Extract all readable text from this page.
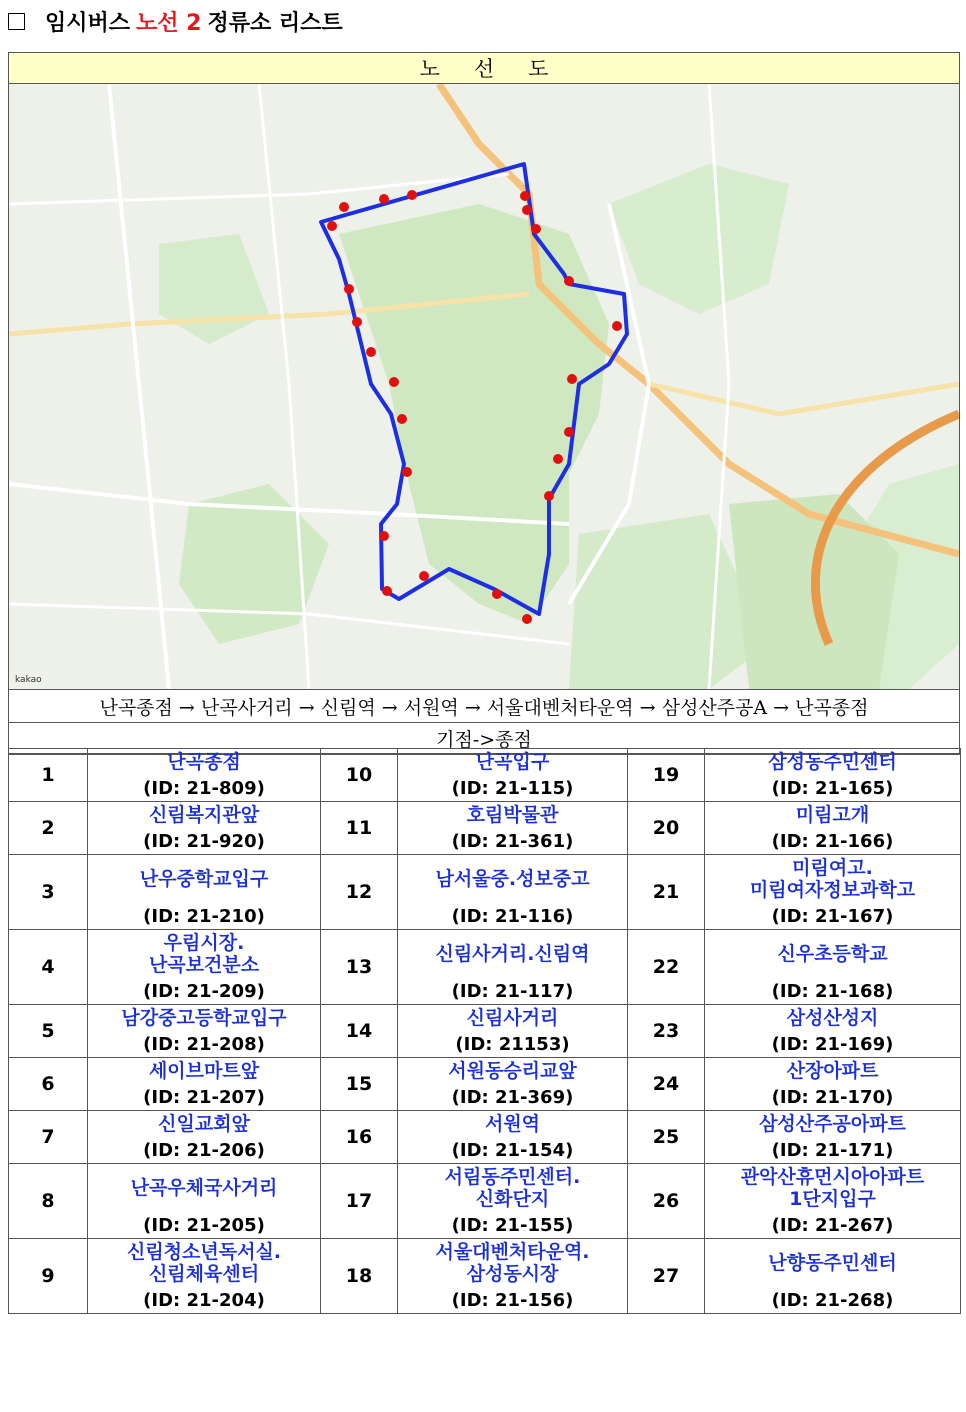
임시버스 노선 2 정류소 리스트
노선도
kakao
난곡종점 → 난곡사거리 → 신림역 → 서원역 → 서울대벤처타운역 → 삼성산주공A → 난곡종점
기점->종점
1	난곡종점	10	난곡입구	19	삼성동주민센터

	(ID: 21-809)		(ID: 21-115)		(ID: 21-165)
2	신림복지관앞	11	호림박물관	20	미림고개

	(ID: 21-920)		(ID: 21-361)		(ID: 21-166)
3	난우중학교입구	12	남서울중.성보중고	21	미림여고.
미림여자정보과학고

	(ID: 21-210)		(ID: 21-116)		(ID: 21-167)
4	우림시장.
난곡보건분소	13	신림사거리.신림역	22	신우초등학교

	(ID: 21-209)		(ID: 21-117)		(ID: 21-168)
5	남강중고등학교입구	14	신림사거리	23	삼성산성지

	(ID: 21-208)		(ID: 21153)		(ID: 21-169)
6	세이브마트앞	15	서원동승리교앞	24	산장아파트

	(ID: 21-207)		(ID: 21-369)		(ID: 21-170)
7	신일교회앞	16	서원역	25	삼성산주공아파트

	(ID: 21-206)		(ID: 21-154)		(ID: 21-171)
8	난곡우체국사거리	17	서림동주민센터.
신화단지	26	관악산휴먼시아아파트
1단지입구

	(ID: 21-205)		(ID: 21-155)		(ID: 21-267)
9	신림청소년독서실.
신림체육센터	18	서울대벤처타운역.
삼성동시장	27	난향동주민센터

	(ID: 21-204)		(ID: 21-156)		(ID: 21-268)
